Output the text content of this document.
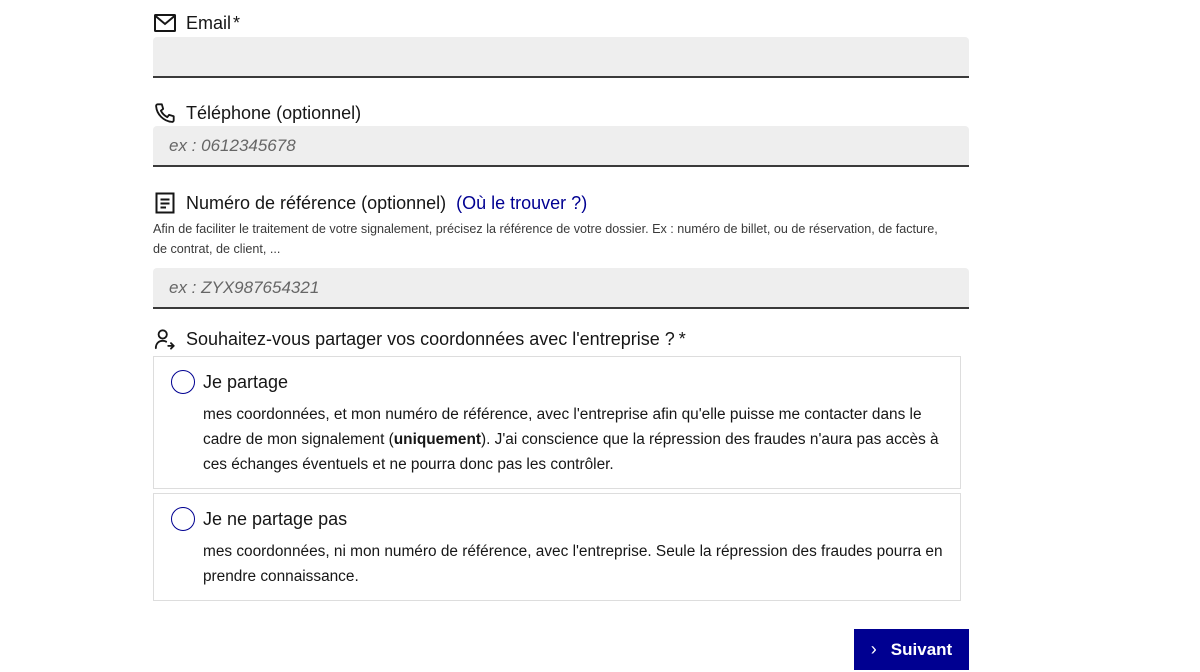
Email *
Téléphone (optionnel)
ex : 0612345678
Numéro de référence (optionnel) (Où le trouver ?)
Afin de faciliter le traitement de votre signalement, précisez la référence de votre dossier. Ex : numéro de billet, ou de réservation, de facture, de contrat, de client, ...
ex : ZYX987654321
Souhaitez-vous partager vos coordonnées avec l'entreprise ? *
Je partage
mes coordonnées, et mon numéro de référence, avec l'entreprise afin qu'elle puisse me contacter dans le cadre de mon signalement (uniquement). J'ai conscience que la répression des fraudes n'aura pas accès à ces échanges éventuels et ne pourra donc pas les contrôler.
Je ne partage pas
mes coordonnées, ni mon numéro de référence, avec l'entreprise. Seule la répression des fraudes pourra en prendre connaissance.
› Suivant
